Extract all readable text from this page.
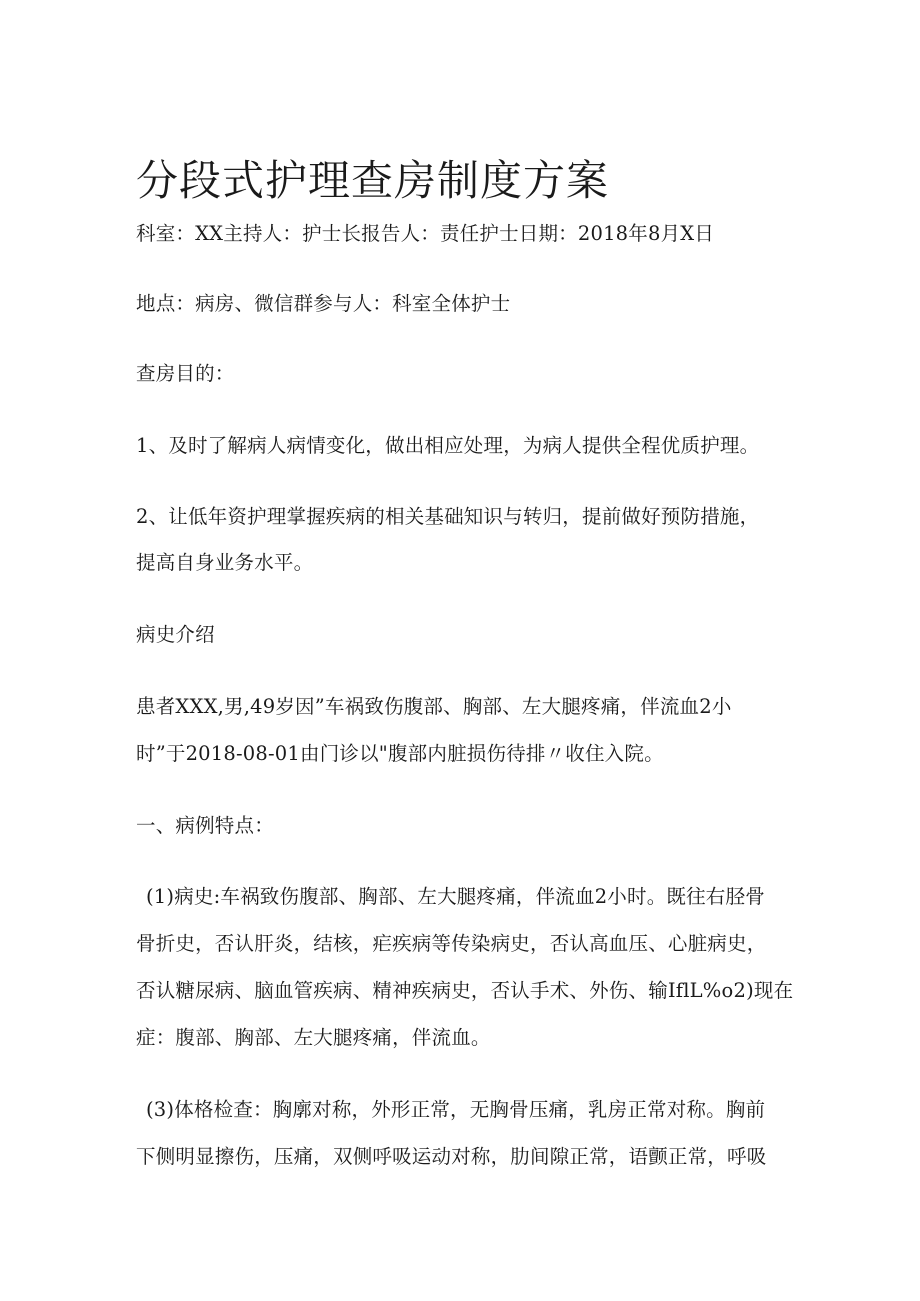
分段式护理查房制度方案
科室：XX主持人：护士长报告人：责任护士日期：2018年8月X日
地点：病房、微信群参与人：科室全体护士
查房目的：
1、及时了解病人病情变化，做出相应处理，为病人提供全程优质护理。
2、让低年资护理掌握疾病的相关基础知识与转归，提前做好预防措施，
提高自身业务水平。
病史介绍
患者XXX,男,49岁因”车祸致伤腹部、胸部、左大腿疼痛，伴流血2小
时”于2018-08-01由门诊以"腹部内脏损伤待排〃收住入院。
一、病例特点：
(1)病史:车祸致伤腹部、胸部、左大腿疼痛，伴流血2小时。既往右胫骨
骨折史，否认肝炎，结核，疟疾病等传染病史，否认高血压、心脏病史，
否认糖尿病、脑血管疾病、精神疾病史，否认手术、外伤、输IflL%o2)现在
症：腹部、胸部、左大腿疼痛，伴流血。
(3)体格检查：胸廓对称，外形正常，无胸骨压痛，乳房正常对称。胸前
下侧明显擦伤，压痛，双侧呼吸运动对称，肋间隙正常，语颤正常，呼吸
